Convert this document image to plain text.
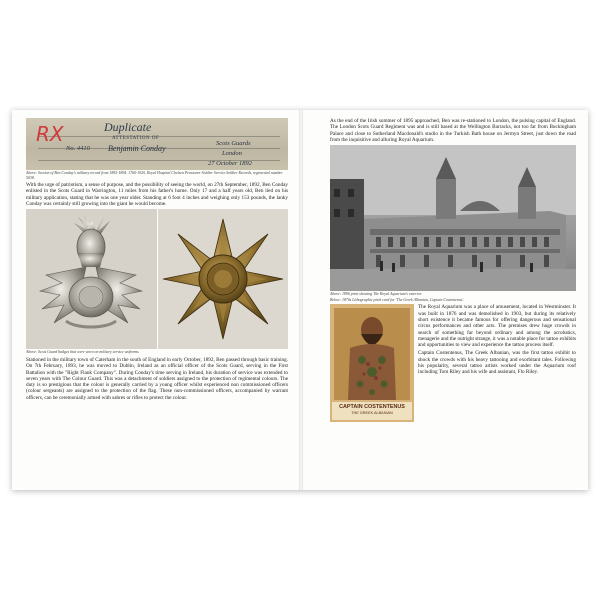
RX	Duplicate
ATTESTATION OF
No. 4410 Benjamin Conday
Scots Guards
London
27 October 1892

Above: Section of Ben Conday's military record from 1892-1894. 1760-1920, Royal Hospital Chelsea Pensioner Soldier Service Soldier Records, regimental number 5038.

With the urge of patriotism, a sense of purpose, and the possibility of seeing the world, on 27th September, 1892, Ben Conday enlisted in the Scots Guard in Warrington, 11 miles from his father's home. Only 17 and a half years old, Ben lied on his military application, stating that he was one year older. Standing at 6 foot 4 inches and weighing only 153 pounds, the lanky Conday was certainly still growing into the giant he would become.

Above: Scots Guard badges that were worn on military service uniforms.

Stationed in the military town of Caterham in the south of England in early October, 1892, Ben passed through basic training. On 7th February, 1893, he was moved to Dublin, Ireland as an official officer of the Scots Guard, serving in the First Battalion with the "Right Flank Company". During Conday's time serving in Ireland, his duration of service was extended to seven years with The Colour Guard. This was a detachment of soldiers assigned to the protection of regimental colours. The duty is so prestigious that the colour is generally carried by a young officer whilst experienced non commissioned officers (colour sergeants) are assigned to the protection of the flag. These non-commissioned officers, accompanied by warrant officers, can be ceremonially armed with sabres or rifles to protect the colour.

As the end of the Irish summer of 1895 approached, Ben was re-stationed to London, the pulsing capital of England. The London Scots Guard Regiment was and is still based at the Wellington Barracks, not too far from Buckingham Palace and close to Sutherland Macdonald's studio in the Turkish Bath house on Jermyn Street, just down the road from the inquisitive and alluring Royal Aquarium.

Above: 1896 print showing The Royal Aquarium's exterior.

Below: 1870s Lithographic pitch card for 'The Greek Albanian, Captain Costentenus'.

CAPTAIN COSTENTENUS
THE GREEK ALBANIAN

The Royal Aquarium was a place of amusement, located in Westminster. It was built in 1876 and was demolished in 1903, but during its relatively short existence it became famous for offering dangerous and sensational circus performances and other acts. The premises drew huge crowds in search of something far beyond ordinary and among the acrobatics, menagerie and the outright strange, it was a notable place for tattoo exhibits and opportunities to view and experience the tattoo process itself.

Captain Costentenus, The Greek Albanian, was the first tattoo exhibit to shock the crowds with his heavy tattooing and exorbitant tales. Following his popularity, several tattoo artists worked under the Aquarium roof including Tom Riley and his wife and assistant, Flo Riley.
